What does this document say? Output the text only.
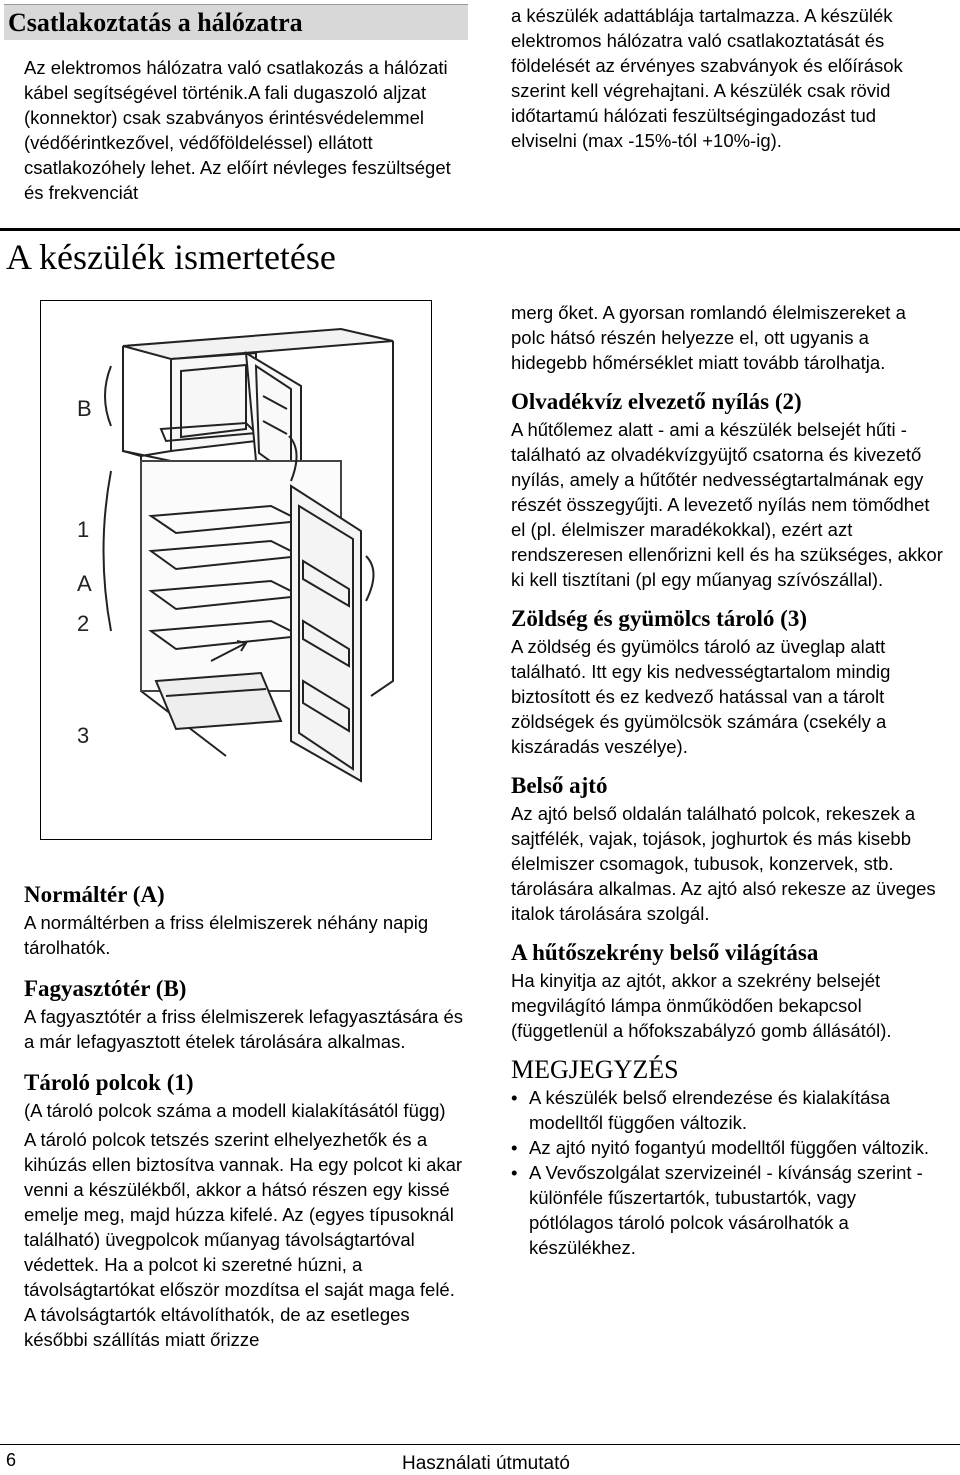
Csatlakoztatás a hálózatra
Az elektromos hálózatra való csatlakozás a hálózati kábel segítségével történik.A fali dugaszoló aljzat (konnektor) csak szabványos érintésvédelemmel (védőérintkezővel, védőföldeléssel) ellátott csatlakozóhely lehet. Az előírt névleges feszültséget és frekvenciát
a készülék adattáblája tartalmazza. A készülék elektromos hálózatra való csatlakoztatását és földelését az érvényes szabványok és előírások szerint kell végrehajtani. A készülék csak rövid időtartamú hálózati feszültségingadozást tud elviselni (max -15%-tól +10%-ig).
A készülék ismertetése
B
1
A
2
3
Normáltér (A)
A normáltérben a friss élelmiszerek néhány napig tárolhatók.
Fagyasztótér (B)
A fagyasztótér a friss élelmiszerek lefagyasztására és a már lefagyasztott ételek tárolására alkalmas.
Tároló polcok (1)
(A tároló polcok száma a modell kialakításától függ)
A tároló polcok tetszés szerint elhelyezhetők és a kihúzás ellen biztosítva vannak. Ha egy polcot ki akar venni a készülékből, akkor a hátsó részen egy kissé emelje meg, majd húzza kifelé. Az (egyes típusoknál található) üvegpolcok műanyag távolságtartóval védettek. Ha a polcot ki szeretné húzni, a távolságtartókat először mozdítsa el saját maga felé. A távolságtartók eltávolíthatók, de az esetleges későbbi szállítás miatt őrizze
merg őket. A gyorsan romlandó élelmiszereket a polc hátsó részén helyezze el, ott ugyanis a hidegebb hőmérséklet miatt tovább tárolhatja.
Olvadékvíz elvezető nyílás (2)
A hűtőlemez alatt - ami a készülék belsejét hűti - található az olvadékvízgyüjtő csatorna és kivezető nyílás, amely a hűtőtér nedvességtartalmának egy részét összegyűjti. A levezető nyílás nem tömődhet el (pl. élelmiszer maradékokkal), ezért azt rendszeresen ellenőrizni kell és ha szükséges, akkor ki kell tisztítani (pl egy műanyag szívószállal).
Zöldség és gyümölcs tároló (3)
A zöldség és gyümölcs tároló az üveglap alatt található. Itt egy kis nedvességtartalom mindig biztosított és ez kedvező hatással van a tárolt zöldségek és gyümölcsök számára (csekély a kiszáradás veszélye).
Belső ajtó
Az ajtó belső oldalán található polcok, rekeszek a sajtfélék, vajak, tojások, joghurtok és más kisebb élelmiszer csomagok, tubusok, konzervek, stb. tárolására alkalmas. Az ajtó alsó rekesze az üveges italok tárolására szolgál.
A hűtőszekrény belső világítása
Ha kinyitja az ajtót, akkor a szekrény belsejét megvilágító lámpa önműködően bekapcsol (függetlenül a hőfokszabályzó gomb állásától).
MEGJEGYZÉS
• A készülék belső elrendezése és kialakítása modelltől függően változik.
• Az ajtó nyitó fogantyú modelltől függően változik.
• A Vevőszolgálat szervizeinél - kívánság szerint - különféle fűszertartók, tubustartók, vagy pótlólagos tároló polcok vásárolhatók a készülékhez.
6	Használati útmutató
